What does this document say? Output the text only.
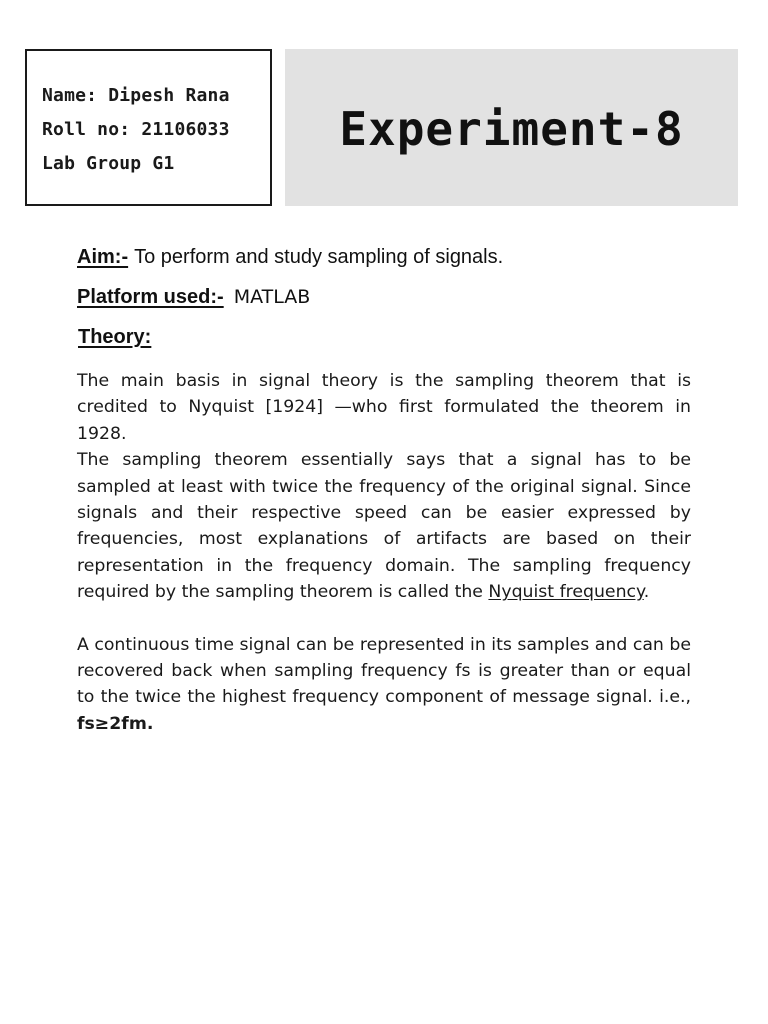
Name: Dipesh Rana
Roll no: 21106033
Lab Group G1
Experiment-8
Aim:- To perform and study sampling of signals.
Platform used:- MATLAB
Theory:

The main basis in signal theory is the sampling theorem that is credited to Nyquist [1924] —who first formulated the theorem in 1928.

The sampling theorem essentially says that a signal has to be sampled at least with twice the frequency of the original signal. Since signals and their respective speed can be easier expressed by frequencies, most explanations of artifacts are based on their representation in the frequency domain. The sampling frequency required by the sampling theorem is called the Nyquist frequency.

A continuous time signal can be represented in its samples and can be recovered back when sampling frequency fs is greater than or equal to the twice the highest frequency component of message signal. i.e., fs≥2fm.
